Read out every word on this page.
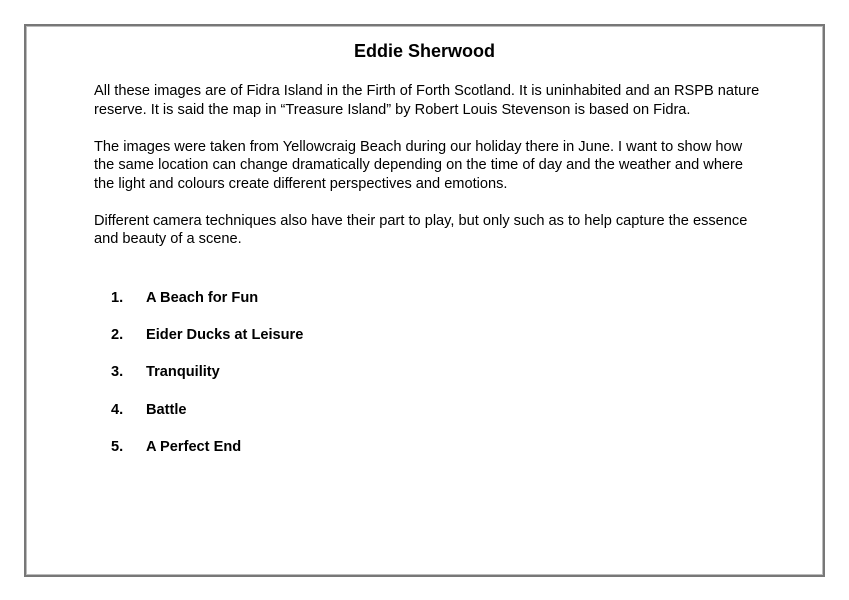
Eddie Sherwood

All these images are of Fidra Island in the Firth of Forth Scotland. It is uninhabited and an RSPB nature reserve. It is said the map in “Treasure Island” by Robert Louis Stevenson is based on Fidra.

The images were taken from Yellowcraig Beach during our holiday there in June. I want to show how the same location can change dramatically depending on the time of day and the weather and where the light and colours create different perspectives and emotions.

Different camera techniques also have their part to play, but only such as to help capture the essence and beauty of a scene.

1.	A Beach for Fun
2.	Eider Ducks at Leisure
3.	Tranquility
4.	Battle
5.	A Perfect End
